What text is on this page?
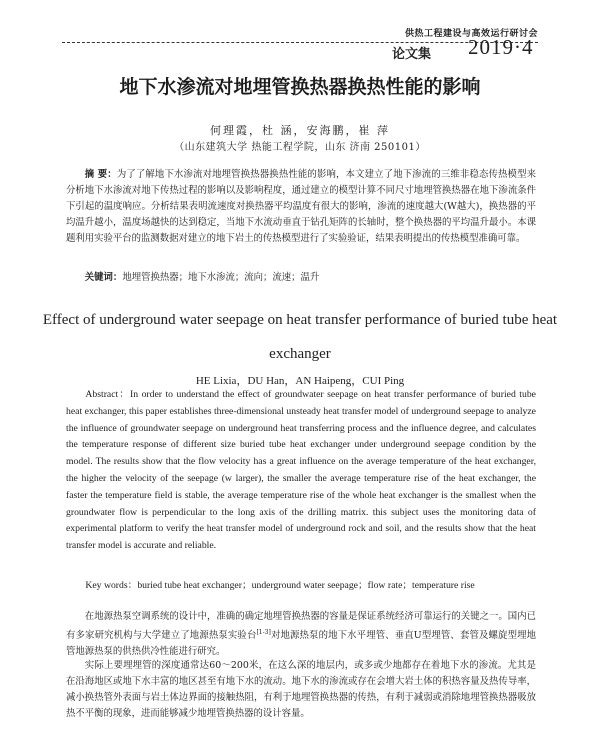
供热工程建设与高效运行研讨会
论文集 2019·4
地下水渗流对地埋管换热器换热性能的影响
何理霞，杜 涵，安海鹏，崔 萍
（山东建筑大学 热能工程学院，山东 济南 250101）
摘 要：为了了解地下水渗流对地埋管换热器换热性能的影响，本文建立了地下渗流的三维非稳态传热模型来分析地下水渗流对地下传热过程的影响以及影响程度，通过建立的模型计算不同尺寸地埋管换热器在地下渗流条件下引起的温度响应。分析结果表明流速度对换热器平均温度有很大的影响，渗流的速度越大(W越大)，换热器的平均温升越小，温度场越快的达到稳定，当地下水流动垂直于钻孔矩阵的长轴时，整个换热器的平均温升最小。本课题利用实验平台的监测数据对建立的地下岩土的传热模型进行了实验验证，结果表明提出的传热模型准确可靠。
关键词：地埋管换热器；地下水渗流；流向；流速；温升
Effect of underground water seepage on heat transfer performance of buried tube heat exchanger
HE Lixia，DU Han，AN Haipeng，CUI Ping
Abstract：In order to understand the effect of groundwater seepage on heat transfer performance of buried tube heat exchanger, this paper establishes three-dimensional unsteady heat transfer model of underground seepage to analyze the influence of groundwater seepage on underground heat transferring process and the influence degree, and calculates the temperature response of different size buried tube heat exchanger under underground seepage condition by the model. The results show that the flow velocity has a great influence on the average temperature of the heat exchanger, the higher the velocity of the seepage (w larger), the smaller the average temperature rise of the heat exchanger, the faster the temperature field is stable, the average temperature rise of the whole heat exchanger is the smallest when the groundwater flow is perpendicular to the long axis of the drilling matrix. this subject uses the monitoring data of experimental platform to verify the heat transfer model of underground rock and soil, and the results show that the heat transfer model is accurate and reliable.
Key words：buried tube heat exchanger；underground water seepage；flow rate；temperature rise
在地源热泵空调系统的设计中，准确的确定地埋管换热器的容量是保证系统经济可靠运行的关键之一。国内已有多家研究机构与大学建立了地源热泵实验台[1-3]对地源热泵的地下水平埋管、垂直U型埋管、套管及螺旋型埋地管地源热泵的供热供冷性能进行研究。
实际上要埋埋管的深度通常达60～200米，在这么深的地层内，或多或少地都存在着地下水的渗流。尤其是在沿海地区或地下水丰富的地区甚至有地下水的流动。地下水的渗流或存在会增大岩土体的积热容量及热传导率，减小换热管外表面与岩土体边界面的接触热阻，有利于地埋管换热器的传热，有利于减弱或消除地埋管换热器吸放热不平衡的现象，进而能够减少地埋管换热器的设计容量。
